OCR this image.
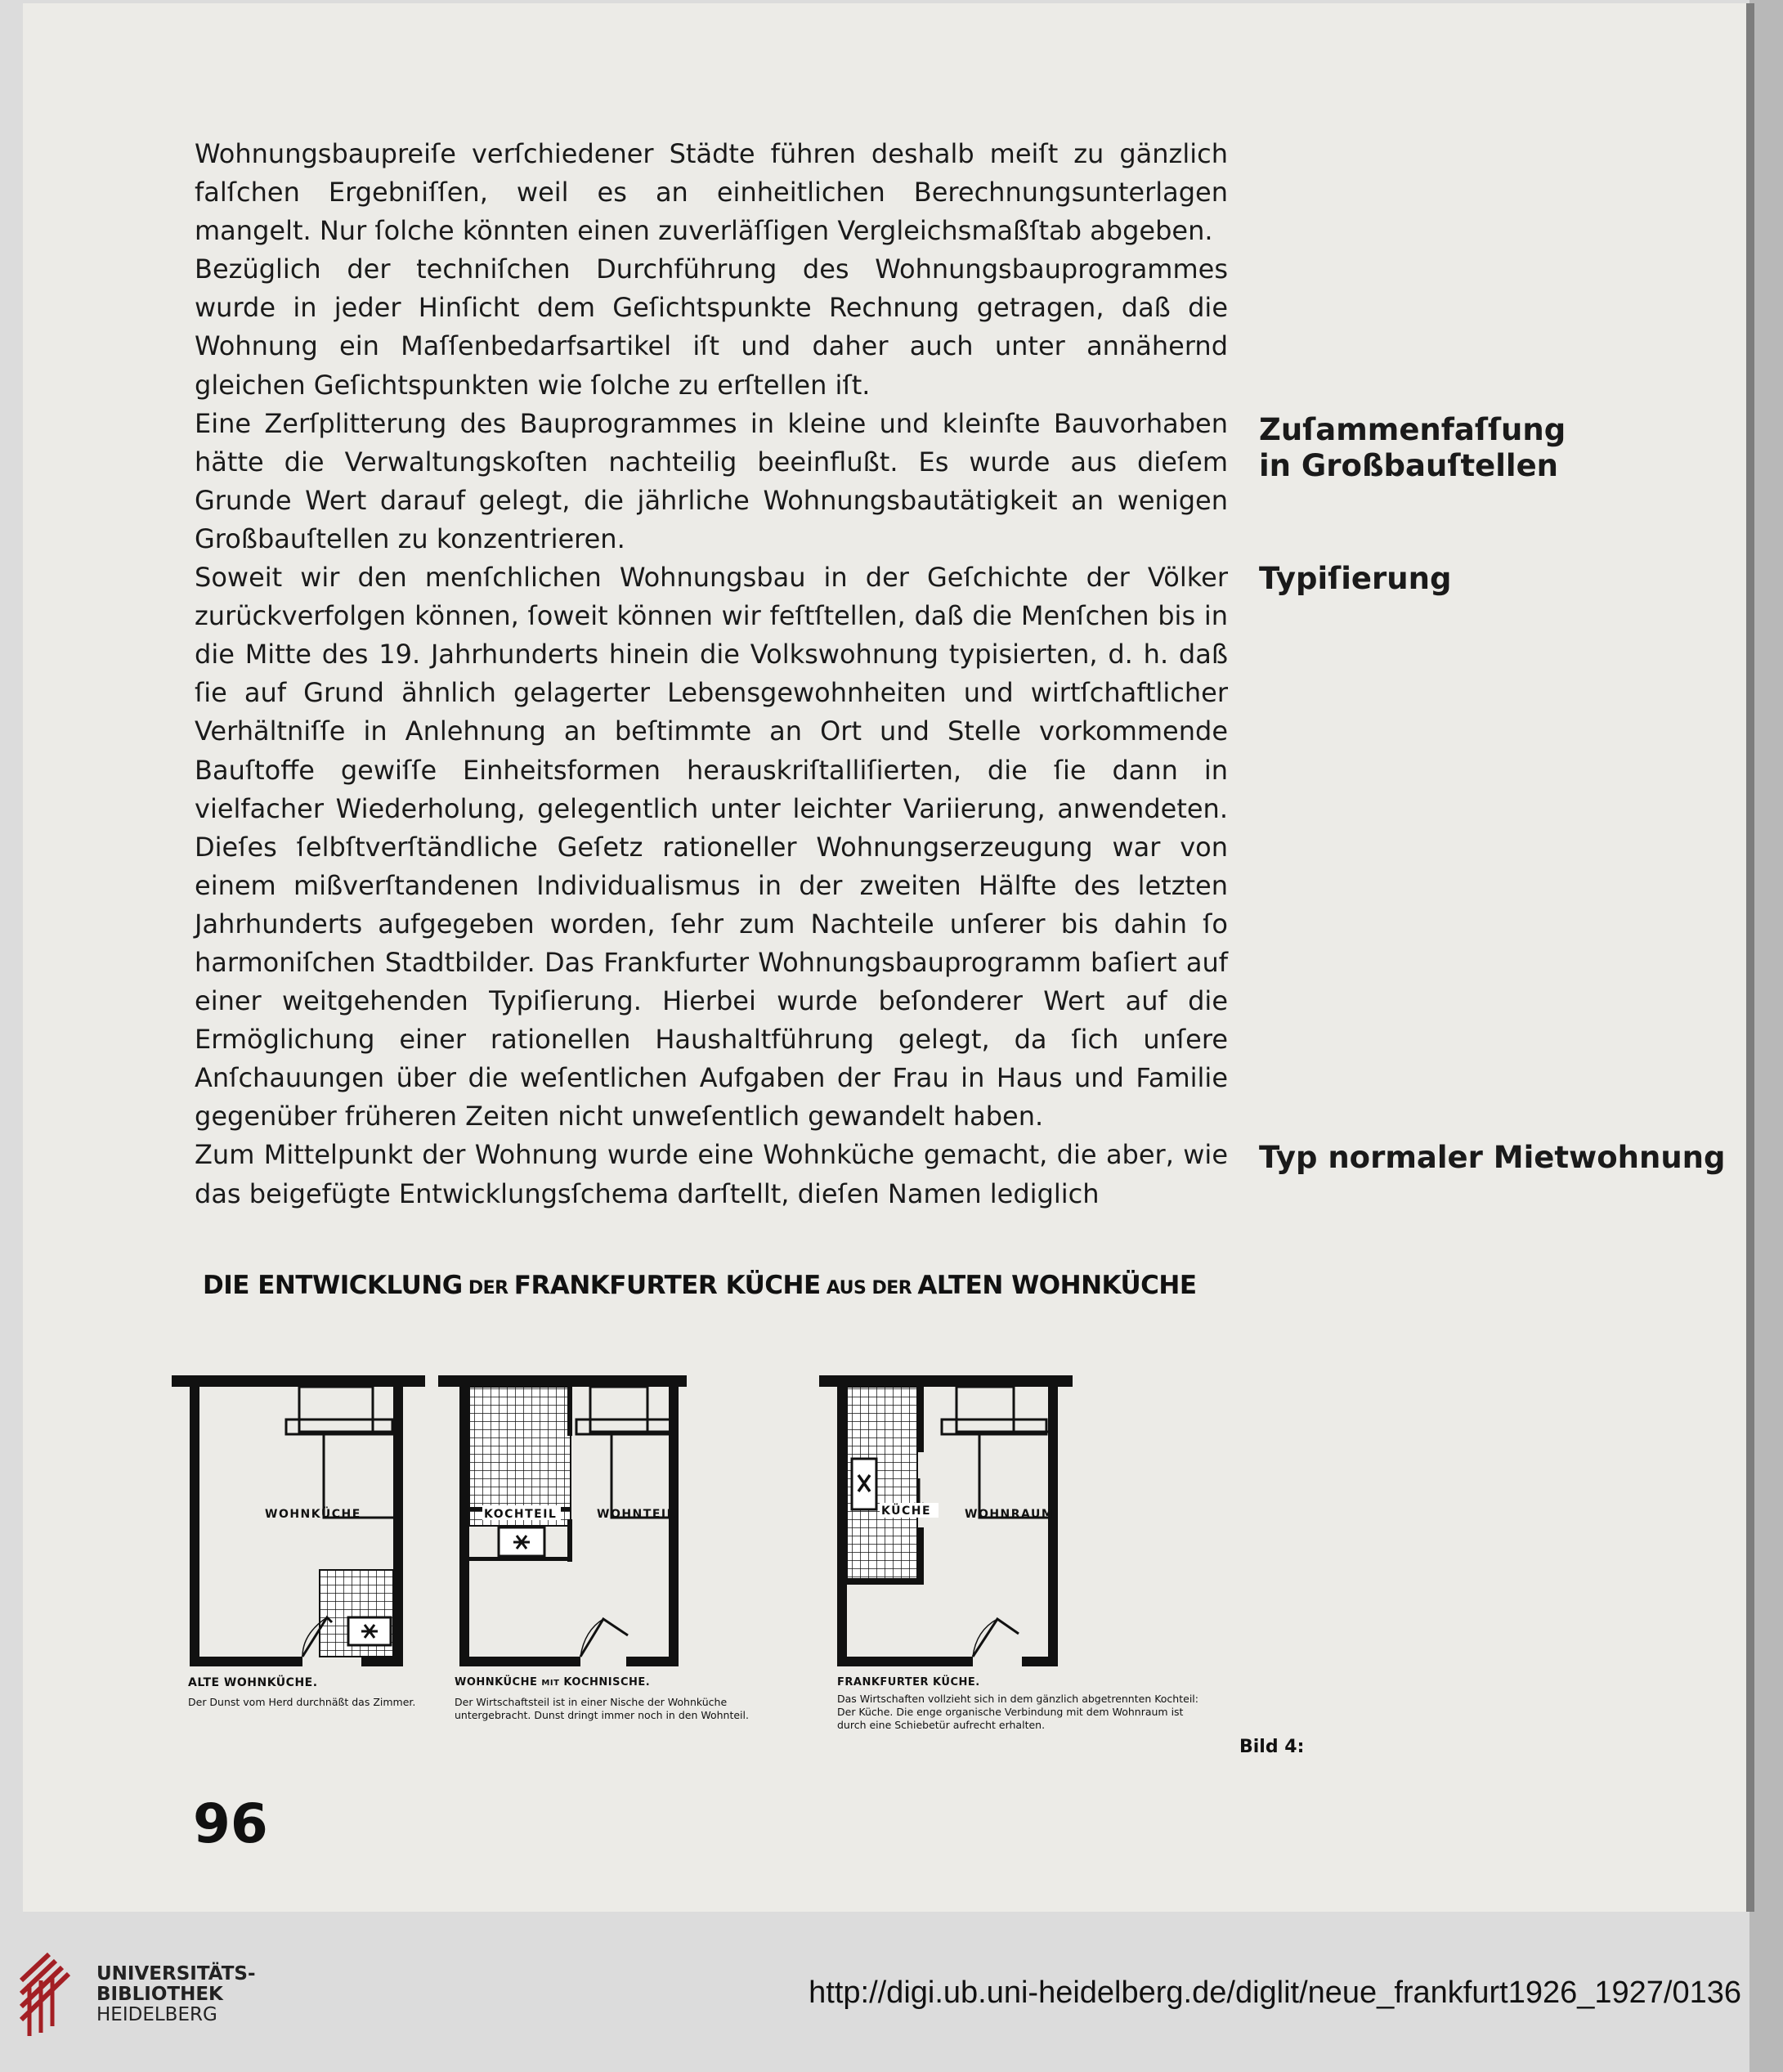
Wohnungsbaupreiſe verſchiedener Städte führen deshalb meiſt zu gänzlich falſchen Ergebniſſen, weil es an einheitlichen Berechnungsunterlagen mangelt. Nur ſolche könnten einen zuverläſſigen Vergleichsmaßſtab abgeben.

Bezüglich der techniſchen Durchführung des Wohnungsbauprogrammes wurde in jeder Hinſicht dem Geſichtspunkte Rechnung getragen, daß die Wohnung ein Maſſenbedarfsartikel iſt und daher auch unter annähernd gleichen Geſichtspunkten wie ſolche zu erſtellen iſt.

Eine Zerſplitterung des Bauprogrammes in kleine und kleinſte Bauvorhaben hätte die Verwaltungskoſten nachteilig beeinflußt. Es wurde aus dieſem Grunde Wert darauf gelegt, die jährliche Wohnungsbautätigkeit an wenigen Großbauſtellen zu konzentrieren.

Soweit wir den menſchlichen Wohnungsbau in der Geſchichte der Völker zurückverfolgen können, ſoweit können wir feſtſtellen, daß die Menſchen bis in die Mitte des 19. Jahrhunderts hinein die Volkswohnung typisierten, d. h. daß ſie auf Grund ähnlich gelagerter Lebensgewohnheiten und wirtſchaftlicher Verhältniſſe in Anlehnung an beſtimmte an Ort und Stelle vorkommende Bauſtoffe gewiſſe Einheitsformen herauskriſtalliſierten, die ſie dann in vielfacher Wiederholung, gelegentlich unter leichter Variierung, anwendeten. Dieſes ſelbſtverſtändliche Geſetz rationeller Wohnungserzeugung war von einem mißverſtandenen Individualismus in der zweiten Hälfte des letzten Jahrhunderts aufgegeben worden, ſehr zum Nachteile unſerer bis dahin ſo harmoniſchen Stadtbilder. Das Frankfurter Wohnungsbauprogramm baſiert auf einer weitgehenden Typiſierung. Hierbei wurde beſonderer Wert auf die Ermöglichung einer rationellen Haushaltführung gelegt, da ſich unſere Anſchauungen über die weſentlichen Aufgaben der Frau in Haus und Familie gegenüber früheren Zeiten nicht unweſentlich gewandelt haben.

Zum Mittelpunkt der Wohnung wurde eine Wohnküche gemacht, die aber, wie das beigefügte Entwicklungsſchema darſtellt, dieſen Namen lediglich

Zuſammenfaſſung
in Großbauſtellen

Typiſierung

Typ normaler Mietwohnung

DIE ENTWICKLUNG DER FRANKFURTER KÜCHE AUS DER ALTEN WOHNKÜCHE

WOHNKÜCHE	KOCHTEIL	WOHNTEIL	KÜCHE	WOHNRAUM

ALTE WOHNKÜCHE.

Der Dunst vom Herd durchnäßt das Zimmer.

WOHNKÜCHE MIT KOCHNISCHE.

Der Wirtschaftsteil ist in einer Nische der Wohnküche untergebracht. Dunst dringt immer noch in den Wohnteil.

FRANKFURTER KÜCHE.

Das Wirtschaften vollzieht sich in dem gänzlich abgetrennten Kochteil: Der Küche. Die enge organische Verbindung mit dem Wohnraum ist durch eine Schiebetür aufrecht erhalten.

Bild 4:

96

UNIVERSITÄTS-
BIBLIOTHEK
HEIDELBERG

http://digi.ub.uni-heidelberg.de/diglit/neue_frankfurt1926_1927/0136
